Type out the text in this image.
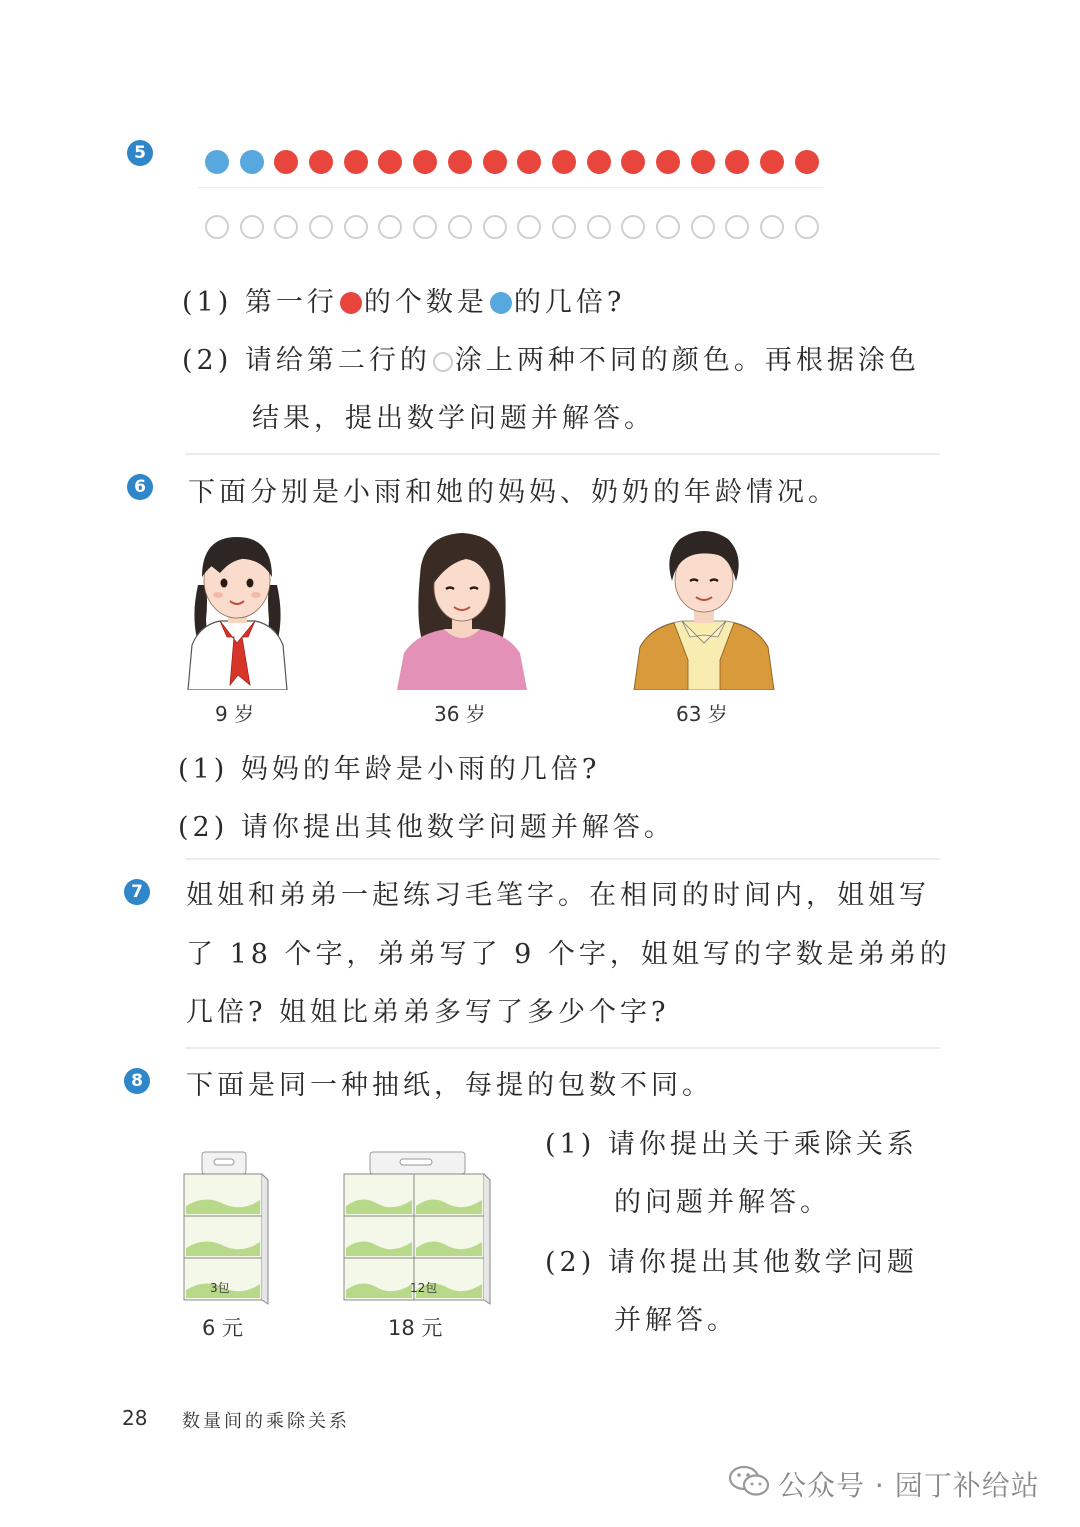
5
(1) 第一行 的个数是 的几倍?
(2) 请给第二行的 涂上两种不同的颜色。再根据涂色
结果，提出数学问题并解答。
6 下面分别是小雨和她的妈妈、奶奶的年龄情况。
9 岁	36 岁	63 岁
(1) 妈妈的年龄是小雨的几倍?
(2) 请你提出其他数学问题并解答。
7 姐姐和弟弟一起练习毛笔字。在相同的时间内，姐姐写
了 18 个字，弟弟写了 9 个字，姐姐写的字数是弟弟的
几倍? 姐姐比弟弟多写了多少个字?
8 下面是同一种抽纸，每提的包数不同。
3包	12包
6 元	18 元
(1) 请你提出关于乘除关系
的问题并解答。
(2) 请你提出其他数学问题
并解答。
28 数量间的乘除关系
公众号 · 园丁补给站
